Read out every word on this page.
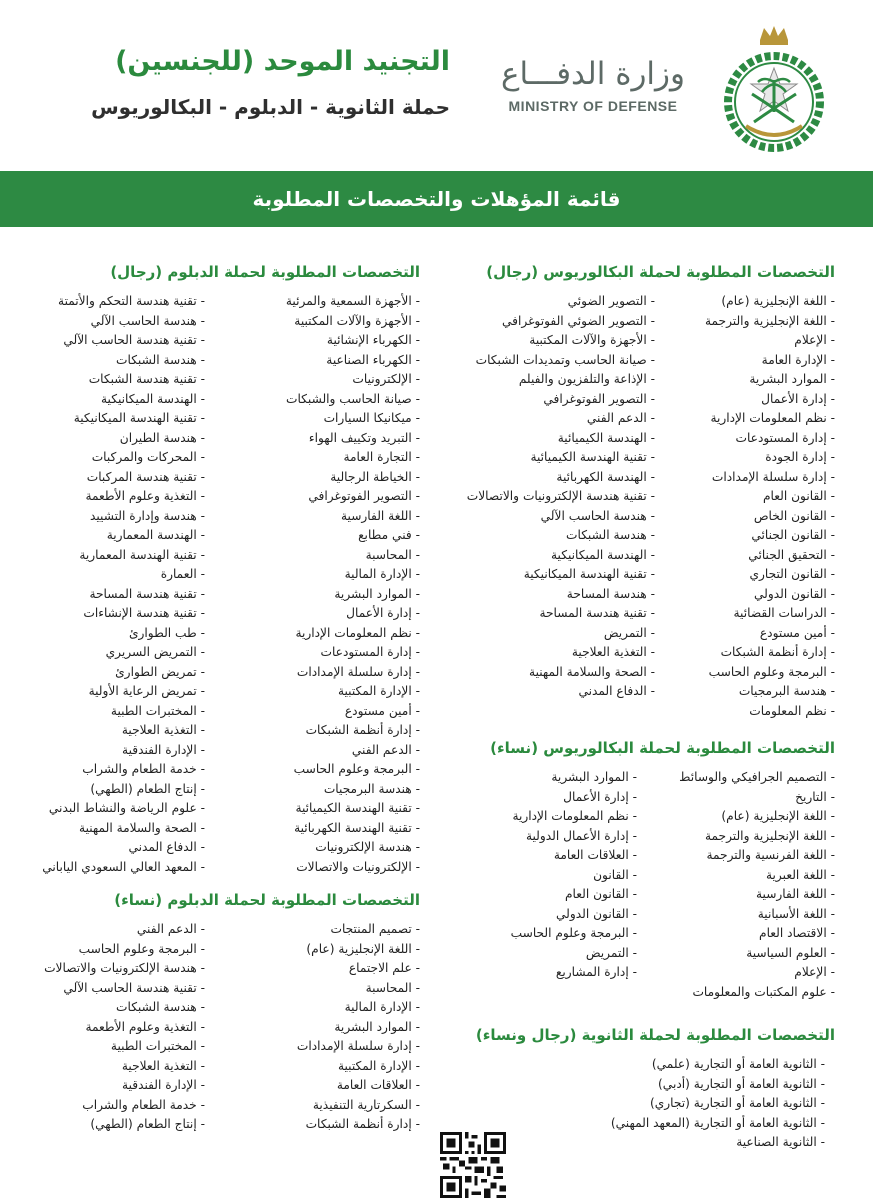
التجنيد الموحد (للجنسين)
حملة الثانوية - الدبلوم - البكالوريوس
وزارة الدفـــاع
MINISTRY OF DEFENSE
قائمة المؤهلات والتخصصات المطلوبة
التخصصات المطلوبة لحملة البكالوريوس (رجال)
- اللغة الإنجليزية (عام)
- اللغة الإنجليزية والترجمة
- الإعلام
- الإدارة العامة
- الموارد البشرية
- إدارة الأعمال
- نظم المعلومات الإدارية
- إدارة المستودعات
- إدارة الجودة
- إدارة سلسلة الإمدادات
- القانون العام
- القانون الخاص
- القانون الجنائي
- التحقيق الجنائي
- القانون التجاري
- القانون الدولي
- الدراسات القضائية
- أمين مستودع
- إدارة أنظمة الشبكات
- البرمجة وعلوم الحاسب
- هندسة البرمجيات
- نظم المعلومات
- التصوير الضوئي
- التصوير الضوئي الفوتوغرافي
- الأجهزة والآلات المكتبية
- صيانة الحاسب وتمديدات الشبكات
- الإذاعة والتلفزيون والفيلم
- التصوير الفوتوغرافي
- الدعم الفني
- الهندسة الكيميائية
- تقنية الهندسة الكيميائية
- الهندسة الكهربائية
- تقنية هندسة الإلكترونيات والاتصالات
- هندسة الحاسب الآلي
- هندسة الشبكات
- الهندسة الميكانيكية
- تقنية الهندسة الميكانيكية
- هندسة المساحة
- تقنية هندسة المساحة
- التمريض
- التغذية العلاجية
- الصحة والسلامة المهنية
- الدفاع المدني
التخصصات المطلوبة لحملة الدبلوم (رجال)
- الأجهزة السمعية والمرئية
- الأجهزة والآلات المكتبية
- الكهرباء الإنشائية
- الكهرباء الصناعية
- الإلكترونيات
- صيانة الحاسب والشبكات
- ميكانيكا السيارات
- التبريد وتكييف الهواء
- التجارة العامة
- الخياطة الرجالية
- التصوير الفوتوغرافي
- اللغة الفارسية
- فني مطابع
- المحاسبة
- الإدارة المالية
- الموارد البشرية
- إدارة الأعمال
- نظم المعلومات الإدارية
- إدارة المستودعات
- إدارة سلسلة الإمدادات
- الإدارة المكتبية
- أمين مستودع
- إدارة أنظمة الشبكات
- الدعم الفني
- البرمجة وعلوم الحاسب
- هندسة البرمجيات
- تقنية الهندسة الكيميائية
- تقنية الهندسة الكهربائية
- هندسة الإلكترونيات
- الإلكترونيات والاتصالات
- تقنية هندسة التحكم والأتمتة
- هندسة الحاسب الآلي
- تقنية هندسة الحاسب الآلي
- هندسة الشبكات
- تقنية هندسة الشبكات
- الهندسة الميكانيكية
- تقنية الهندسة الميكانيكية
- هندسة الطيران
- المحركات والمركبات
- تقنية هندسة المركبات
- التغذية وعلوم الأطعمة
- هندسة وإدارة التشييد
- الهندسة المعمارية
- تقنية الهندسة المعمارية
- العمارة
- تقنية هندسة المساحة
- تقنية هندسة الإنشاءات
- طب الطوارئ
- التمريض السريري
- تمريض الطوارئ
- تمريض الرعاية الأولية
- المختبرات الطبية
- التغذية العلاجية
- الإدارة الفندقية
- خدمة الطعام والشراب
- إنتاج الطعام (الطهي)
- علوم الرياضة والنشاط البدني
- الصحة والسلامة المهنية
- الدفاع المدني
- المعهد العالي السعودي الياباني
التخصصات المطلوبة لحملة البكالوريوس (نساء)
- التصميم الجرافيكي والوسائط
- التاريخ
- اللغة الإنجليزية (عام)
- اللغة الإنجليزية والترجمة
- اللغة الفرنسية والترجمة
- اللغة العبرية
- اللغة الفارسية
- اللغة الأسبانية
- الاقتصاد العام
- العلوم السياسية
- الإعلام
- علوم المكتبات والمعلومات
- الموارد البشرية
- إدارة الأعمال
- نظم المعلومات الإدارية
- إدارة الأعمال الدولية
- العلاقات العامة
- القانون
- القانون العام
- القانون الدولي
- البرمجة وعلوم الحاسب
- التمريض
- إدارة المشاريع
التخصصات المطلوبة لحملة الدبلوم (نساء)
- تصميم المنتجات
- اللغة الإنجليزية (عام)
- علم الاجتماع
- المحاسبة
- الإدارة المالية
- الموارد البشرية
- إدارة سلسلة الإمدادات
- الإدارة المكتبية
- العلاقات العامة
- السكرتارية التنفيذية
- إدارة أنظمة الشبكات
- الدعم الفني
- البرمجة وعلوم الحاسب
- هندسة الإلكترونيات والاتصالات
- تقنية هندسة الحاسب الآلي
- هندسة الشبكات
- التغذية وعلوم الأطعمة
- المختبرات الطبية
- التغذية العلاجية
- الإدارة الفندقية
- خدمة الطعام والشراب
- إنتاج الطعام (الطهي)
التخصصات المطلوبة لحملة الثانوية (رجال ونساء)
- الثانوية العامة أو التجارية (علمي)
- الثانوية العامة أو التجارية (أدبي)
- الثانوية العامة أو التجارية (تجاري)
- الثانوية العامة أو التجارية (المعهد المهني)
- الثانوية الصناعية
